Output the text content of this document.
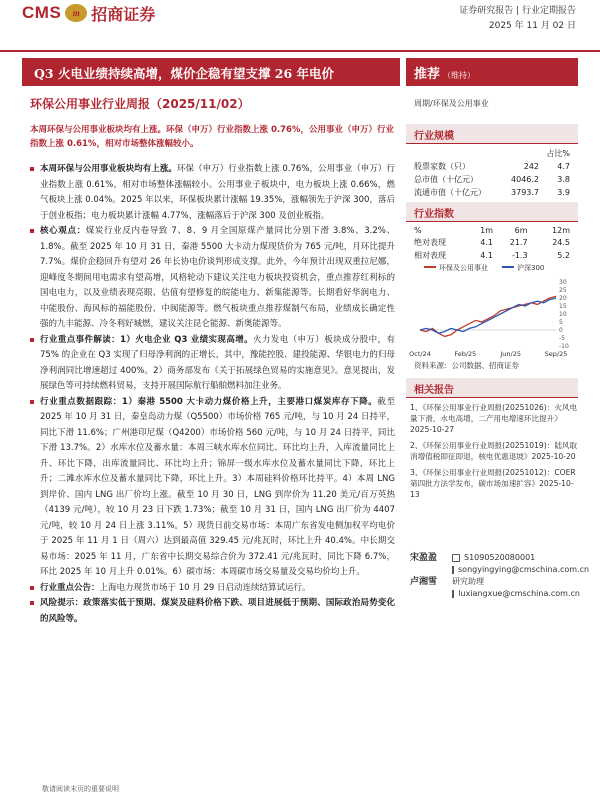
CMS m 招商证券	证券研究报告 | 行业定期报告
2025 年 11 月 02 日
Q3 火电业绩持续高增，煤价企稳有望支撑 26 年电价	推荐 （维持）
环保公用事业行业周报（2025/11/02）	周期/环保及公用事业
本周环保与公用事业板块均有上涨。环保（申万）行业指数上涨 0.76%，公用事业（申万）行业指数上涨 0.61%，相对市场整体涨幅较小。
本周环保与公用事业板块均有上涨。环保（申万）行业指数上涨 0.76%，公用事业（申万）行业指数上涨 0.61%，相对市场整体涨幅较小。公用事业子板块中，电力板块上涨 0.66%，燃气板块上涨 0.04%。2025 年以来，环保板块累计涨幅 19.35%，涨幅领先于沪深 300，落后于创业板指；电力板块累计涨幅 4.77%，涨幅落后于沪深 300 及创业板指。
核心观点：煤炭行业反内卷导致 7、8、9 月全国原煤产量同比分别下滑 3.8%、3.2%、1.8%。截至 2025 年 10 月 31 日，秦港 5500 大卡动力煤现货价为 765 元/吨，月环比提升 7.7%。煤价企稳回升有望对 26 年长协电价谈判形成支撑。此外，今年预计出现双重拉尼娜，迎峰度冬期间用电需求有望高增，风格轮动下建议关注电力板块投资机会，重点推荐红利标的国电电力，以及业绩表现亮眼、估值有望修复的皖能电力、新集能源等。长期看好华润电力、中能股份、海风标的福能股份、中闽能源等。燃气板块重点推荐煤制气布局，业绩成长确定性强的九丰能源、冷冬利好城燃，建议关注昆仑能源、新奥能源等。
行业重点事件解读：1）火电企业 Q3 业绩实现高增。火力发电（申万）板块成分股中，有 75% 的企业在 Q3 实现了归母净利润的正增长，其中，豫能控股、建投能源、华银电力的归母净利润同比增速超过 400%。2）商务部发布《关于拓展绿色贸易的实施意见》。意见提出，发展绿色等可持续燃料贸易，支持开展国际航行船舶燃料加注业务。
行业重点数据跟踪：1）秦港 5500 大卡动力煤价格上升，主要港口煤炭库存下降。截至 2025 年 10 月 31 日，秦皇岛动力煤（Q5500）市场价格 765 元/吨，与 10 月 24 日持平，同比下滑 11.6%；广州港印尼煤（Q4200）市场价格 560 元/吨，与 10 月 24 日持平，同比下滑 13.7%。2）水库水位及蓄水量：本周三峡水库水位同比、环比均上升，入库流量同比上升、环比下降，出库流量同比、环比均上升；锦屏一级水库水位及蓄水量同比下降，环比上升；二滩水库水位及蓄水量同比下降，环比上升。3）本周硅料价格环比持平。4）本周 LNG 到岸价、国内 LNG 出厂价均上涨。截至 10 月 30 日，LNG 到岸价为 11.20 美元/百万英热（4139 元/吨），较 10 月 23 日下跌 1.73%；截至 10 月 31 日，国内 LNG 出厂价为 4407 元/吨，较 10 月 24 日上涨 3.11%。5）现货日前交易市场：本周广东省发电侧加权平均电价于 2025 年 11 月 1 日（周六）达到最高值 329.45 元/兆瓦时，环比上升 40.4%。中长期交易市场：2025 年 11 月，广东省中长期交易综合价为 372.41 元/兆瓦时，同比下降 6.7%，环比 2025 年 10 月上升 0.01%。6）碳市场：本周碳市场交易量及交易均价均上升。
行业重点公告：上海电力现货市场于 10 月 29 日启动连续结算试运行。
风险提示：政策落实低于预期、煤炭及硅料价格下跌、项目进展低于预期、国际政治局势变化的风险等。
行业规模
		占比%
股票家数（只）	242	4.7
总市值（十亿元）	4046.2	3.8
流通市值（十亿元）	3793.7	3.9
行业指数
%	1m	6m	12m
绝对表现	4.1	21.7	24.5
相对表现	4.1	-1.3	5.2
环保及公用事业	沪深300
-10
-5
0
5
10
15
20
25
30
Oct/24	Feb/25	Jun/25	Sep/25
资料来源：公司数据、招商证券
相关报告
1、《环保公用事业行业周报(20251026)：火风电量下滑，水电高增，二产用电增速环比提升》2025-10-27
2、《环保公用事业行业周报(20251019)：陆风取消增值税即征即退，核电优惠退坡》2025-10-20
3、《环保公用事业行业周报(20251012)：COER 第四批方法学发布，碳市场加速扩容》2025-10-13
宋盈盈	S1090520080001
songyingying@cmschina.com.cn
卢湘雪	研究助理
luxiangxue@cmschina.com.cn
敬请阅读末页的重要说明
